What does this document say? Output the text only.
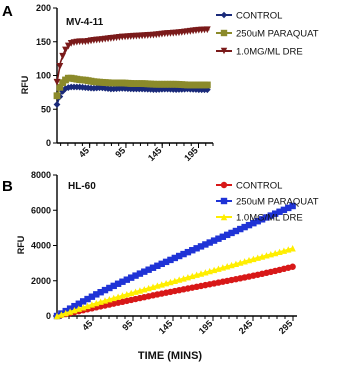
A
0
50
100
150
200
45 95 145 195
MV-4-11
RFU
CONTROL
250uM PARAQUAT
1.0MG/ML DRE
B
0
2000
4000
6000
8000
45	95 145 195 245 295
HL-60
RFU
CONTROL
250uM PARAQUAT
1.0MG/ML DRE
TIME (MINS)
